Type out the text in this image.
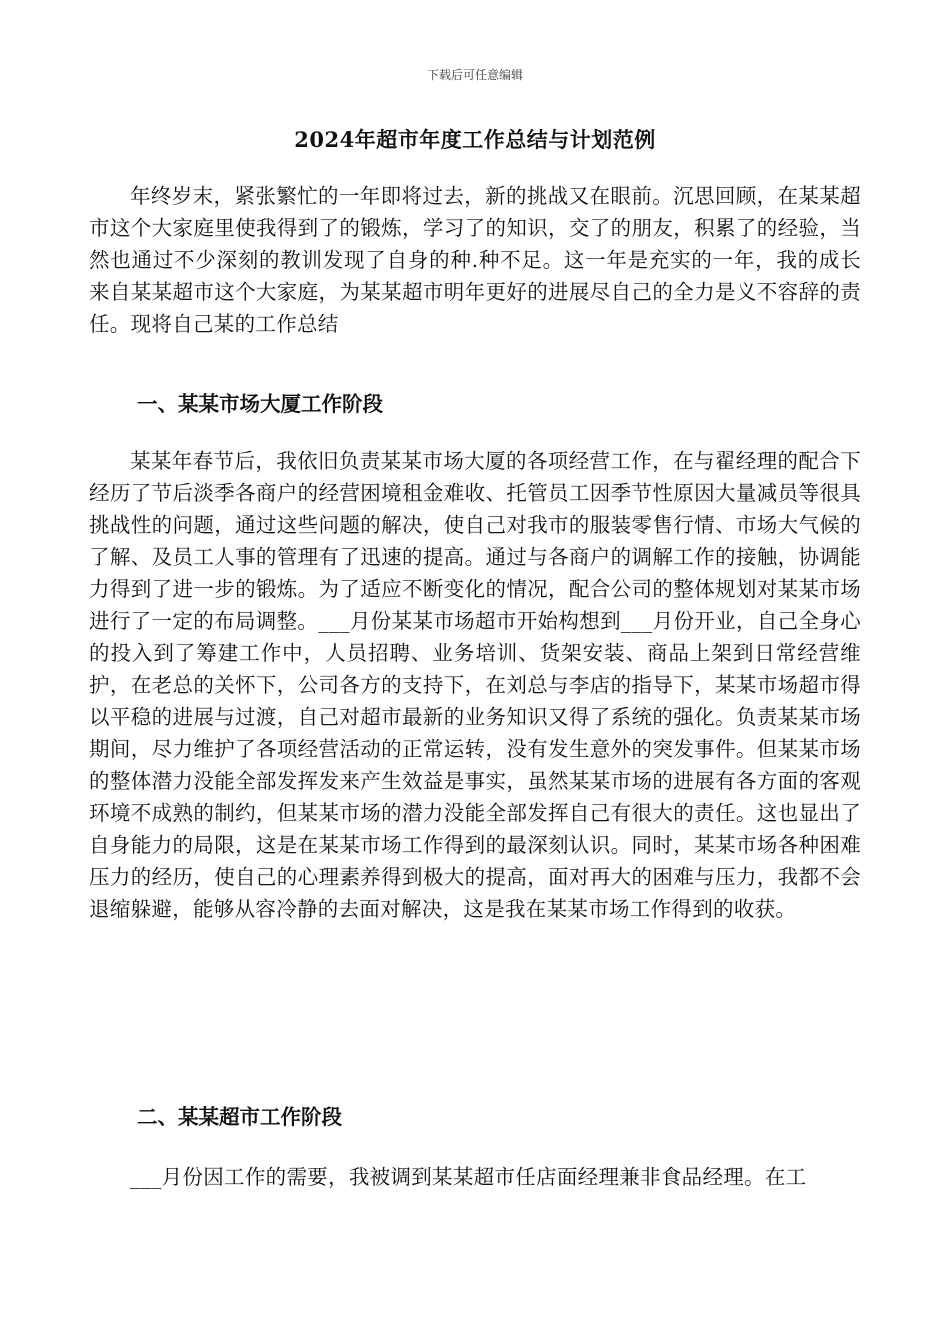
下载后可任意编辑
2024年超市年度工作总结与计划范例

年终岁末，紧张繁忙的一年即将过去，新的挑战又在眼前。沉思回顾，在某某超市这个大家庭里使我得到了的锻炼，学习了的知识，交了的朋友，积累了的经验，当然也通过不少深刻的教训发现了自身的种.种不足。这一年是充实的一年，我的成长来自某某超市这个大家庭，为某某超市明年更好的进展尽自己的全力是义不容辞的责任。现将自己某的工作总结

一、某某市场大厦工作阶段

某某年春节后，我依旧负责某某市场大厦的各项经营工作，在与翟经理的配合下经历了节后淡季各商户的经营困境租金难收、托管员工因季节性原因大量减员等很具挑战性的问题，通过这些问题的解决，使自己对我市的服装零售行情、市场大气候的了解、及员工人事的管理有了迅速的提高。通过与各商户的调解工作的接触，协调能力得到了进一步的锻炼。为了适应不断变化的情况，配合公司的整体规划对某某市场进行了一定的布局调整。___月份某某市场超市开始构想到___月份开业，自己全身心的投入到了筹建工作中，人员招聘、业务培训、货架安装、商品上架到日常经营维护，在老总的关怀下，公司各方的支持下，在刘总与李店的指导下，某某市场超市得以平稳的进展与过渡，自己对超市最新的业务知识又得了系统的强化。负责某某市场期间，尽力维护了各项经营活动的正常运转，没有发生意外的突发事件。但某某市场的整体潜力没能全部发挥发来产生效益是事实，虽然某某市场的进展有各方面的客观环境不成熟的制约，但某某市场的潜力没能全部发挥自己有很大的责任。这也显出了自身能力的局限，这是在某某市场工作得到的最深刻认识。同时，某某市场各种困难压力的经历，使自己的心理素养得到极大的提高，面对再大的困难与压力，我都不会退缩躲避，能够从容冷静的去面对解决，这是我在某某市场工作得到的收获。

二、某某超市工作阶段

___月份因工作的需要，我被调到某某超市任店面经理兼非食品经理。在工
